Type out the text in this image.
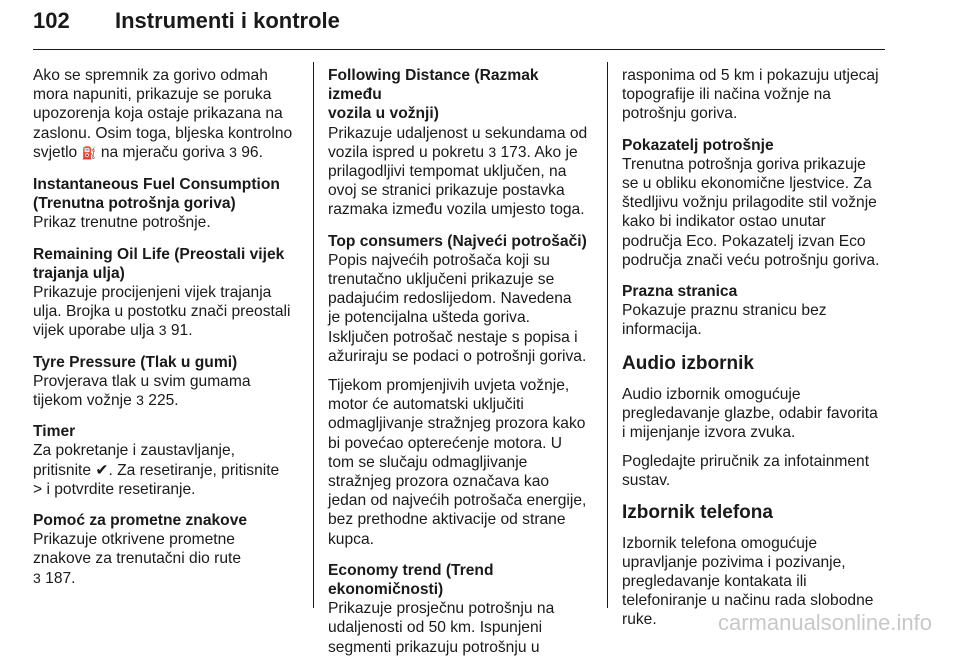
102 Instrumenti i kontrole
Ako se spremnik za gorivo odmah
mora napuniti, prikazuje se poruka
upozorenja koja ostaje prikazana na
zaslonu. Osim toga, bljeska kontrolno
svjetlo ⛽ na mjeraču goriva 3 96.
Instantaneous Fuel Consumption
(Trenutna potrošnja goriva)
Prikaz trenutne potrošnje.
Remaining Oil Life (Preostali vijek
trajanja ulja)
Prikazuje procijenjeni vijek trajanja
ulja. Brojka u postotku znači preostali
vijek uporabe ulja 3 91.
Tyre Pressure (Tlak u gumi)
Provjerava tlak u svim gumama
tijekom vožnje 3 225.
Timer
Za pokretanje i zaustavljanje,
pritisnite ✔. Za resetiranje, pritisnite
> i potvrdite resetiranje.
Pomoć za prometne znakove
Prikazuje otkrivene prometne
znakove za trenutačni dio rute
3 187.
Following Distance (Razmak između
vozila u vožnji)
Prikazuje udaljenost u sekundama od
vozila ispred u pokretu 3 173. Ako je
prilagodljivi tempomat uključen, na
ovoj se stranici prikazuje postavka
razmaka između vozila umjesto toga.
Top consumers (Najveći potrošači)
Popis najvećih potrošača koji su
trenutačno uključeni prikazuje se
padajućim redoslijedom. Navedena
je potencijalna ušteda goriva.
Isključen potrošač nestaje s popisa i
ažuriraju se podaci o potrošnji goriva.
Tijekom promjenjivih uvjeta vožnje,
motor će automatski uključiti
odmagljivanje stražnjeg prozora kako
bi povećao opterećenje motora. U
tom se slučaju odmagljivanje
stražnjeg prozora označava kao
jedan od najvećih potrošača energije,
bez prethodne aktivacije od strane
kupca.
Economy trend (Trend
ekonomičnosti)
Prikazuje prosječnu potrošnju na
udaljenosti od 50 km. Ispunjeni
segmenti prikazuju potrošnju u
rasponima od 5 km i pokazuju utjecaj
topografije ili načina vožnje na
potrošnju goriva.
Pokazatelj potrošnje
Trenutna potrošnja goriva prikazuje
se u obliku ekonomične ljestvice. Za
štedljivu vožnju prilagodite stil vožnje
kako bi indikator ostao unutar
područja Eco. Pokazatelj izvan Eco
područja znači veću potrošnju goriva.
Prazna stranica
Pokazuje praznu stranicu bez
informacija.
Audio izbornik
Audio izbornik omogućuje
pregledavanje glazbe, odabir favorita
i mijenjanje izvora zvuka.
Pogledajte priručnik za infotainment
sustav.
Izbornik telefona
Izbornik telefona omogućuje
upravljanje pozivima i pozivanje,
pregledavanje kontakata ili
telefoniranje u načinu rada slobodne
ruke.	carmanualsonline.info
